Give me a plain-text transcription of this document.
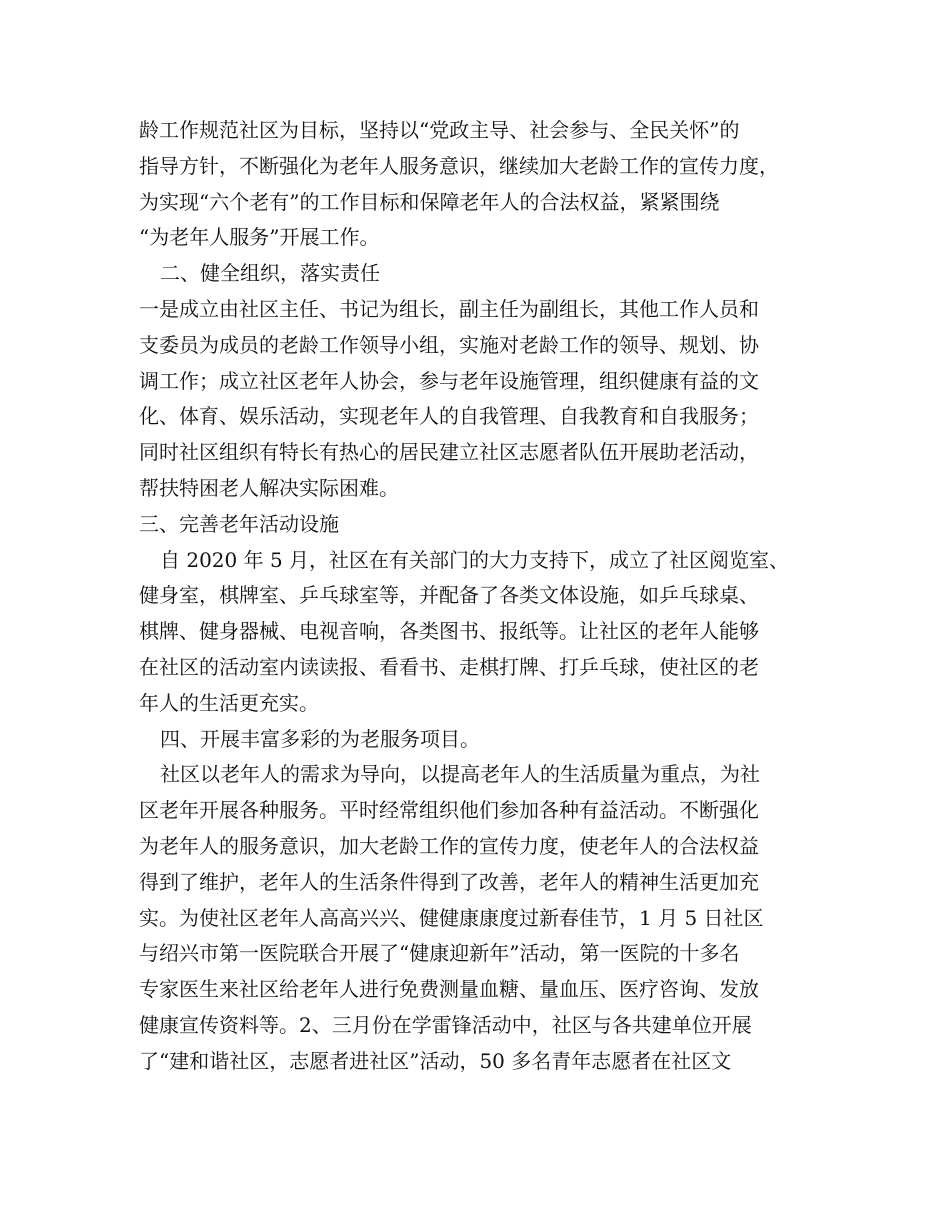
龄工作规范社区为目标，坚持以“党政主导、社会参与、全民关怀”的
指导方针，不断强化为老年人服务意识，继续加大老龄工作的宣传力度，
为实现“六个老有”的工作目标和保障老年人的合法权益，紧紧围绕
“为老年人服务”开展工作。
二、健全组织，落实责任
一是成立由社区主任、书记为组长，副主任为副组长，其他工作人员和
支委员为成员的老龄工作领导小组，实施对老龄工作的领导、规划、协
调工作；成立社区老年人协会，参与老年设施管理，组织健康有益的文
化、体育、娱乐活动，实现老年人的自我管理、自我教育和自我服务；
同时社区组织有特长有热心的居民建立社区志愿者队伍开展助老活动，
帮扶特困老人解决实际困难。
三、完善老年活动设施
自 2020 年 5 月，社区在有关部门的大力支持下，成立了社区阅览室、
健身室，棋牌室、乒乓球室等，并配备了各类文体设施，如乒乓球桌、
棋牌、健身器械、电视音响，各类图书、报纸等。让社区的老年人能够
在社区的活动室内读读报、看看书、走棋打牌、打乒乓球，使社区的老
年人的生活更充实。
四、开展丰富多彩的为老服务项目。
社区以老年人的需求为导向，以提高老年人的生活质量为重点，为社
区老年开展各种服务。平时经常组织他们参加各种有益活动。不断强化
为老年人的服务意识，加大老龄工作的宣传力度，使老年人的合法权益
得到了维护，老年人的生活条件得到了改善，老年人的精神生活更加充
实。为使社区老年人高高兴兴、健健康康度过新春佳节，1 月 5 日社区
与绍兴市第一医院联合开展了“健康迎新年”活动，第一医院的十多名
专家医生来社区给老年人进行免费测量血糖、量血压、医疗咨询、发放
健康宣传资料等。2、三月份在学雷锋活动中，社区与各共建单位开展
了“建和谐社区，志愿者进社区”活动，50 多名青年志愿者在社区文
